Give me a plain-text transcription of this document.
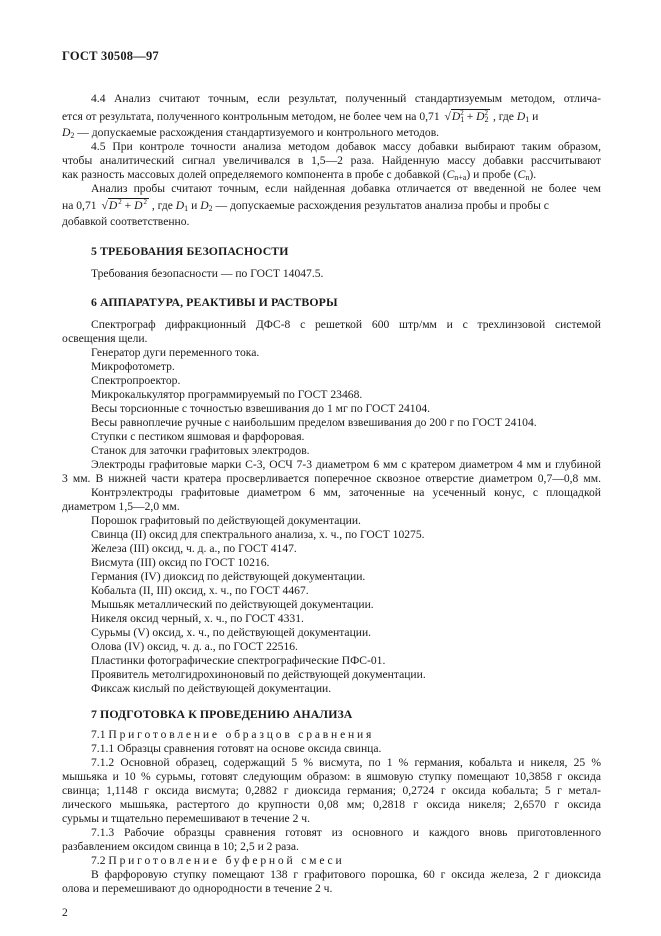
ГОСТ 30508—97
4.4 Анализ считают точным, если результат, полученный стандартизуемым методом, отлича-
ется от результата, полученного контрольным методом, не более чем на 0,71 $√D_1^2 + D_2^2$ , где $D_1$ и
$D_2$ — допускаемые расхождения стандартизуемого и контрольного методов.
4.5 При контроле точности анализа методом добавок массу добавки выбирают таким образом,
чтобы аналитический сигнал увеличивался в 1,5—2 раза. Найденную массу добавки рассчитывают
как разность массовых долей определяемого компонента в пробе с добавкой $(C_{n+a})$ и пробе $(C_n)$.
Анализ пробы считают точным, если найденная добавка отличается от введенной не более чем
на 0,71 $√D^2 + D^2$ , где $D_1$ и $D_2$ — допускаемые расхождения результатов анализа пробы и пробы с
добавкой соответственно.
5 ТРЕБОВАНИЯ БЕЗОПАСНОСТИ
Требования безопасности — по ГОСТ 14047.5.
6 АППАРАТУРА, РЕАКТИВЫ И РАСТВОРЫ
Спектрограф дифракционный ДФС-8 с решеткой 600 штр/мм и с трехлинзовой системой
освещения щели.
Генератор дуги переменного тока.
Микрофотометр.
Спектропроектор.
Микрокалькулятор программируемый по ГОСТ 23468.
Весы торсионные с точностью взвешивания до 1 мг по ГОСТ 24104.
Весы равноплечие ручные с наибольшим пределом взвешивания до 200 г по ГОСТ 24104.
Ступки с пестиком яшмовая и фарфоровая.
Станок для заточки графитовых электродов.
Электроды графитовые марки С-3, ОСЧ 7-3 диаметром 6 мм с кратером диаметром 4 мм и глубиной
3 мм. В нижней части кратера просверливается поперечное сквозное отверстие диаметром 0,7—0,8 мм.
Контрэлектроды графитовые диаметром 6 мм, заточенные на усеченный конус, с площадкой
диаметром 1,5—2,0 мм.
Порошок графитовый по действующей документации.
Свинца (II) оксид для спектрального анализа, х. ч., по ГОСТ 10275.
Железа (III) оксид, ч. д. а., по ГОСТ 4147.
Висмута (III) оксид по ГОСТ 10216.
Германия (IV) диоксид по действующей документации.
Кобальта (II, III) оксид, х. ч., по ГОСТ 4467.
Мышьяк металлический по действующей документации.
Никеля оксид черный, х. ч., по ГОСТ 4331.
Сурьмы (V) оксид, х. ч., по действующей документации.
Олова (IV) оксид, ч. д. а., по ГОСТ 22516.
Пластинки фотографические спектрографические ПФС-01.
Проявитель метолгидрохиноновый по действующей документации.
Фиксаж кислый по действующей документации.
7 ПОДГОТОВКА К ПРОВЕДЕНИЮ АНАЛИЗА
7.1 Приготовление образцов сравнения
7.1.1 Образцы сравнения готовят на основе оксида свинца.
7.1.2 Основной образец, содержащий 5 % висмута, по 1 % германия, кобальта и никеля, 25 %
мышьяка и 10 % сурьмы, готовят следующим образом: в яшмовую ступку помещают 10,3858 г оксида
свинца; 1,1148 г оксида висмута; 0,2882 г диоксида германия; 0,2724 г оксида кобальта; 5 г метал-
лического мышьяка, растертого до крупности 0,08 мм; 0,2818 г оксида никеля; 2,6570 г оксида
сурьмы и тщательно перемешивают в течение 2 ч.
7.1.3 Рабочие образцы сравнения готовят из основного и каждого вновь приготовленного
разбавлением оксидом свинца в 10; 2,5 и 2 раза.
7.2 Приготовление буферной смеси
В фарфоровую ступку помещают 138 г графитового порошка, 60 г оксида железа, 2 г диоксида
олова и перемешивают до однородности в течение 2 ч.
2
